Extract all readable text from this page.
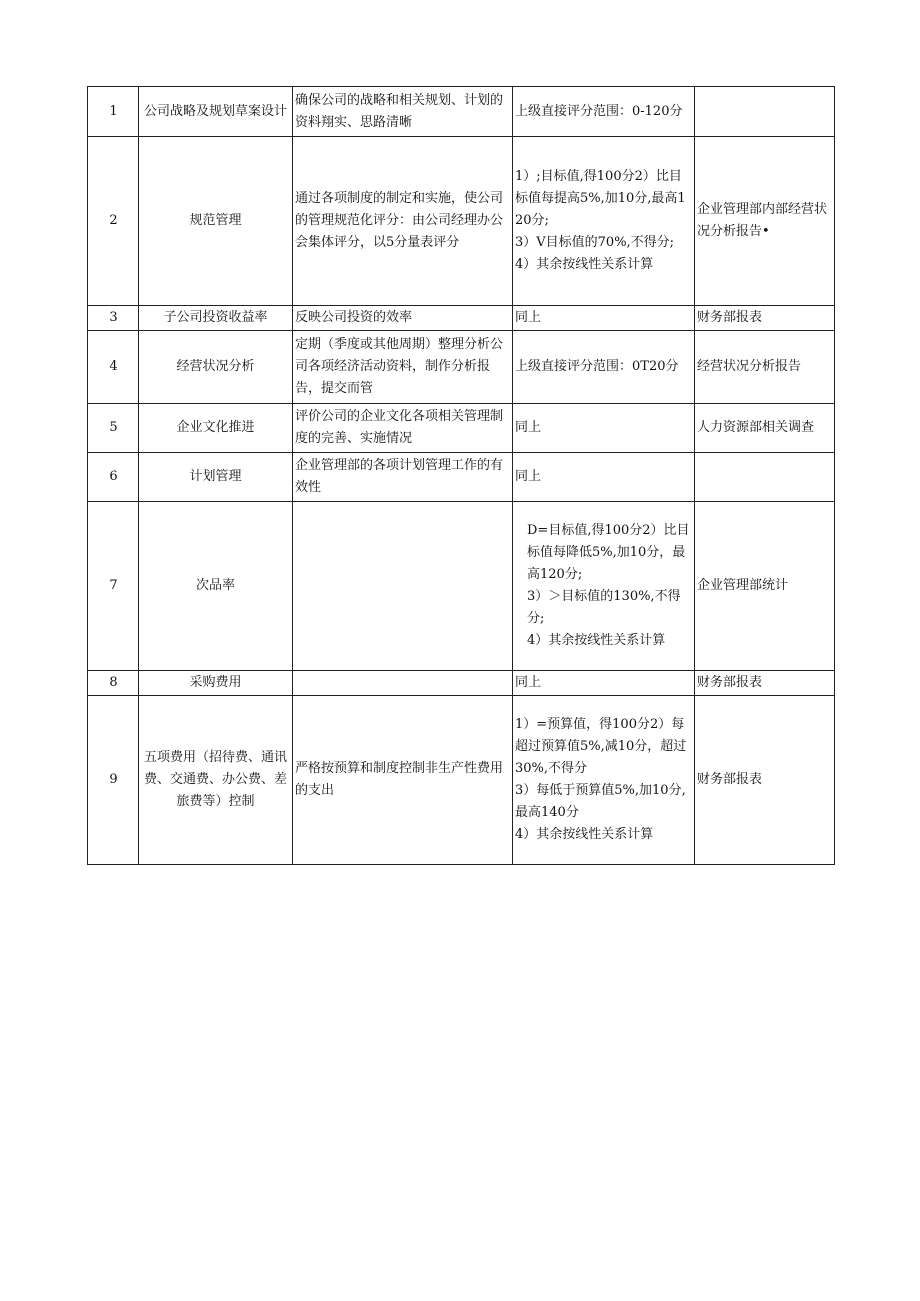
1	公司战略及规划草案设计	确保公司的战略和相关规划、计划的资料翔实、思路清晰	上级直接评分范围：0-120分	
2	规范管理	通过各项制度的制定和实施，使公司的管理规范化评分：由公司经理办公会集体评分，以5分量表评分	1）;目标值,得100分2）比目标值每提高5%,加10分,最高120分;
3）V目标值的70%,不得分;
4）其余按线性关系计算	企业管理部内部经营状况分析报告•
3	子公司投资收益率	反映公司投资的效率	同上	财务部报表
4	经营状况分析	定期（季度或其他周期）整理分析公司各项经济活动资料，制作分析报告，提交而管	上级直接评分范围：0T20分	经营状况分析报告
5	企业文化推进	评价公司的企业文化各项相关管理制度的完善、实施情况	同上	人力资源部相关调查
6	计划管理	企业管理部的各项计划管理工作的有效性	同上	
7	次品率		D=目标值,得100分2）比目标值每降低5%,加10分，最高120分;
3）＞目标值的130%,不得分;
4）其余按线性关系计算	企业管理部统计
8	采购费用		同上	财务部报表
9	五项费用（招待费、通讯费、交通费、办公费、差旅费等）控制	严格按预算和制度控制非生产性费用的支出	1）=预算值，得100分2）每超过预算值5%,减10分，超过30%,不得分
3）每低于预算值5%,加10分,最高140分
4）其余按线性关系计算	财务部报表
